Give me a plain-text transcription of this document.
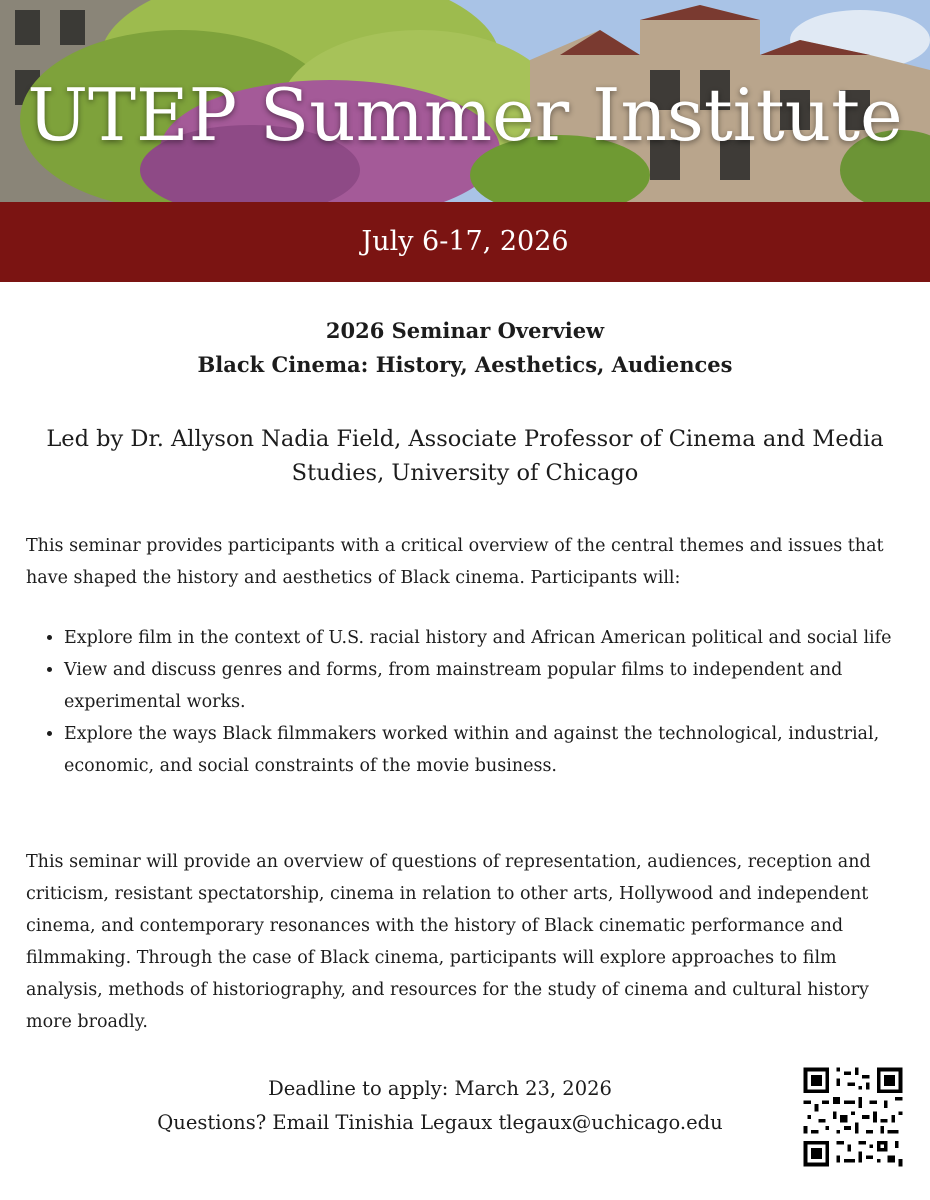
UTEP Summer Institute
July 6-17, 2026
2026 Seminar Overview
Black Cinema: History, Aesthetics, Audiences
Led by Dr. Allyson Nadia Field, Associate Professor of Cinema and Media
Studies, University of Chicago
This seminar provides participants with a critical overview of the central themes and issues that have shaped the history and aesthetics of Black cinema. Participants will:
• Explore film in the context of U.S. racial history and African American political and social life
• View and discuss genres and forms, from mainstream popular films to independent and experimental works.
• Explore the ways Black filmmakers worked within and against the technological, industrial, economic, and social constraints of the movie business.
This seminar will provide an overview of questions of representation, audiences, reception and criticism, resistant spectatorship, cinema in relation to other arts, Hollywood and independent cinema, and contemporary resonances with the history of Black cinematic performance and filmmaking. Through the case of Black cinema, participants will explore approaches to film analysis, methods of historiography, and resources for the study of cinema and cultural history more broadly.
Deadline to apply: March 23, 2026
Questions? Email Tinishia Legaux tlegaux@uchicago.edu
